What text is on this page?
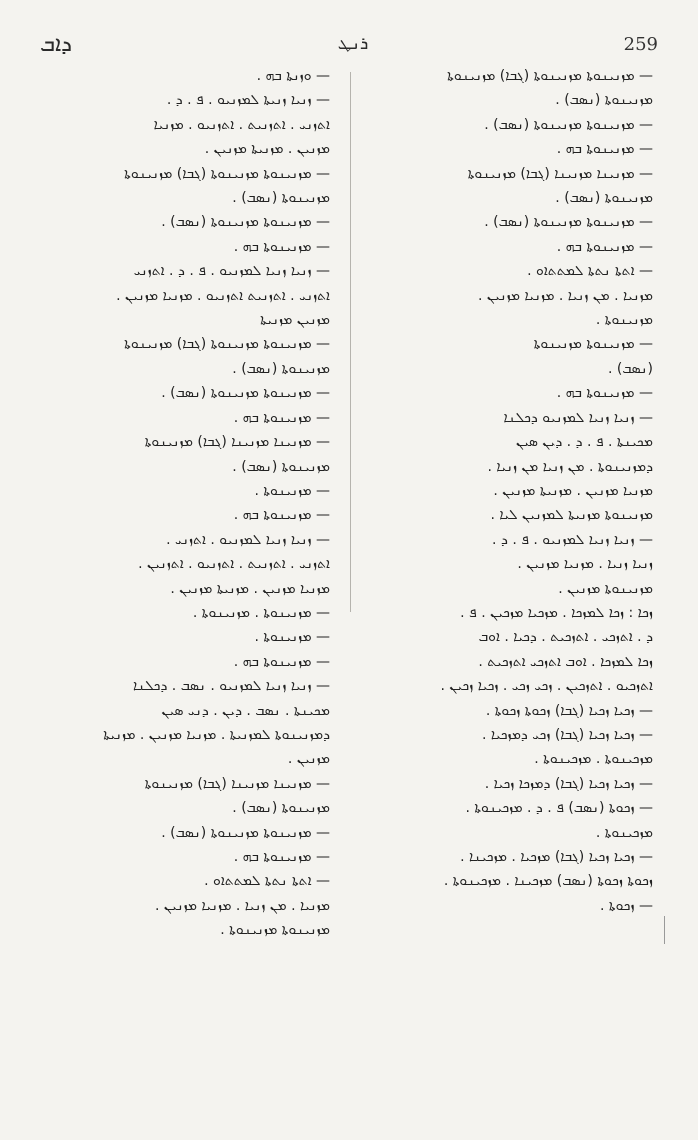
ܕܐܒ	ܪܢܛ	259

— ܘܙܢܬܐ ܒܗ .

— ܙܢܝܐ ܙܢܝܬܐ ܠܡܙܢܝܘ . ܦ . ܕ .

ܐܬܙܢܝ . ܐܬܙܢܝܬ . ܐܬܙܢܝܘ . ܡܙܢܝܐ

ܡܙܢܝܢ . ܡܙܢܝܬܐ ܡܙܢܝܢ .

— ܡܙܢܝܢܘܬܐ ܡܙܢܝܢܘܬܐ (ܓܒܐ) ܡܙܢܝܢܘܬܐ

ܡܙܢܝܢܘܬܐ (ܢܣܒ) .

— ܡܙܢܝܢܘܬܐ ܡܙܢܝܢܘܬܐ (ܢܣܒ) .

— ܡܙܢܝܢܘܬܐ ܒܗ .

— ܙܢܝܐ ܙܢܝܐ ܠܡܙܢܝܘ . ܦ . ܕ . ܐܬܙܢܝ

ܐܬܙܢܝ . ܐܬܙܢܝܬ ܐܬܙܢܝܘ . ܡܙܢܝܐ ܡܙܢܝܢ .

ܡܙܢܝܢ ܡܙܢܝܬܐ

— ܡܙܢܝܢܘܬܐ ܡܙܢܝܢܘܬܐ (ܓܒܐ) ܡܙܢܝܢܘܬܐ

ܡܙܢܝܢܘܬܐ (ܢܣܒ) .

— ܡܙܢܝܢܘܬܐ ܡܙܢܝܢܘܬܐ (ܢܣܒ) .

— ܡܙܢܝܢܘܬܐ ܒܗ .

— ܡܙܢܝܢܐ ܡܙܢܝܢܐ (ܓܒܐ) ܡܙܢܝܢܘܬܐ

ܡܙܢܝܢܘܬܐ (ܢܣܒ) .

— ܡܙܢܝܢܘܬܐ .

— ܡܙܢܝܢܘܬܐ ܒܗ .

— ܙܢܝܐ ܙܢܝܐ ܠܡܙܢܝܘ . ܐܬܙܢܝ .

ܐܬܙܢܝ . ܐܬܙܢܝܬ . ܐܬܙܢܝܘ . ܐܬܙܢܝܢ .

ܡܙܢܝܐ ܡܙܢܝܢ . ܡܙܢܝܬܐ ܡܙܢܝܢ .

— ܡܙܢܝܢܘܬܐ . ܡܙܢܝܢܘܬܐ .

— ܡܙܢܝܢܘܬܐ .

— ܡܙܢܝܢܘܬܐ ܒܗ .

— ܙܢܝܐ ܙܢܝܐ ܠܡܙܢܝܘ . ܢܣܒ . ܕܟܠܢܐ

ܡܟܝܢܬܐ . ܢܣܒ . ܕܝܢ . ܕܢܝ ܣܝܢ

ܕܡܙܢܝܢܘܬܐ ܠܡܙܢܝܬܐ . ܡܙܢܝܐ ܡܙܢܝܢ . ܡܙܢܝܬܐ

ܡܙܢܝܢ .

— ܡܙܢܝܢܐ ܡܙܢܝܢܐ (ܓܒܐ) ܡܙܢܝܢܘܬܐ

ܡܙܢܝܢܘܬܐ (ܢܣܒ) .

— ܡܙܢܝܢܘܬܐ ܡܙܢܝܢܘܬܐ (ܢܣܒ) .

— ܡܙܢܝܢܘܬܐ ܒܗ .

— ܐܬܬܐ ܢܬܬܐ ܠܡܬܬܐܘ .

ܡܙܢܝܐ . ܡܢ ܙܢܝܐ . ܡܙܢܝܐ ܡܙܢܝܢ .

ܡܙܢܝܢܘܬܐ ܡܙܢܝܢܘܬܐ .

— ܡܙܢܝܢܘܬܐ ܡܙܢܝܢܘܬܐ (ܓܒܐ) ܡܙܢܝܢܘܬܐ

ܡܙܢܝܢܘܬܐ (ܢܣܒ) .

— ܡܙܢܝܢܘܬܐ ܡܙܢܝܢܘܬܐ (ܢܣܒ) .

— ܡܙܢܝܢܘܬܐ ܒܗ .

— ܡܙܢܝܢܐ ܡܙܢܝܢܐ (ܓܒܐ) ܡܙܢܝܢܘܬܐ

ܡܙܢܝܢܘܬܐ (ܢܣܒ) .

— ܡܙܢܝܢܘܬܐ ܡܙܢܝܢܘܬܐ (ܢܣܒ) .

— ܡܙܢܝܢܘܬܐ ܒܗ .

— ܐܬܬܐ ܢܬܬܐ ܠܡܬܬܐܘ .

ܡܙܢܝܐ . ܡܢ ܙܢܝܐ . ܡܙܢܝܐ ܡܙܢܝܢ .

ܡܙܢܝܢܘܬܐ .

— ܡܙܢܝܢܘܬܐ ܡܙܢܝܢܘܬܐ

(ܢܣܒ) .

— ܡܙܢܝܢܘܬܐ ܒܗ .

— ܙܢܝܐ ܙܢܝܐ ܠܡܙܢܝܘ ܕܟܠܢܐ

ܡܟܝܢܬܐ . ܦ . ܕ . ܕܝܢ ܣܝܢ

ܕܡܙܢܝܢܘܬܐ . ܡܢ ܙܢܝܐ ܡܢ ܙܢܝܐ .

ܡܙܢܝܐ ܡܙܢܝܢ . ܡܙܢܝܬܐ ܡܙܢܝܢ .

ܡܙܢܝܢܘܬܐ ܡܙܢܝܬܐ ܠܡܙܢܝܢ ܠܝܐ .

— ܙܢܝܐ ܙܢܝܐ ܠܡܙܢܝܘ . ܦ . ܕ .

ܙܢܝܐ ܙܢܝܐ . ܡܙܢܝܐ ܡܙܢܝܢ .

ܡܙܢܝܢܘܬܐ ܡܙܢܝܢ .

ܙܟܐ : ܙܟܐ ܠܡܙܟܐ . ܡܙܟܝܐ ܡܙܟܝܢ . ܦ .

ܕ . ܐܬܙܟܝ . ܐܬܙܟܝܬ . ܕܟܝܐ . ܐܘܒ

ܙܟܐ ܠܡܙܟܐ . ܐܘܒ ܐܬܙܟܝ ܐܬܙܟܝܬ .

ܐܬܙܟܝܘ . ܐܬܙܟܝܢ . ܙܟܝ ܙܟܝ . ܙܟܝܐ ܙܟܝܢ .

— ܙܟܝܐ ܙܟܝܐ (ܓܒܐ) ܙܟܘܬܐ ܙܟܘܬܐ .

— ܙܟܝܐ ܙܟܝܐ (ܓܒܐ) ܙܟܝ ܕܡܙܟܝܐ .

ܡܙܟܝܢܘܬܐ . ܡܙܟܝܢܘܬܐ .

— ܙܟܝܐ ܙܟܝܐ (ܓܒܐ) ܕܡܙܟܐ ܙܟܝܐ .

— ܙܟܘܬܐ (ܢܣܒ) ܦ . ܕ . ܡܙܟܝܢܘܬܐ .

ܡܙܟܝܢܘܬܐ .

— ܙܟܝܐ ܙܟܝܐ (ܓܒܐ) ܡܙܟܝܐ . ܡܙܟܝܢܐ .

ܙܟܘܬܐ ܙܟܘܬܐ (ܢܣܒ) ܡܙܟܝܢܐ . ܡܙܟܝܢܘܬܐ .

— ܙܟܘܬܐ .
